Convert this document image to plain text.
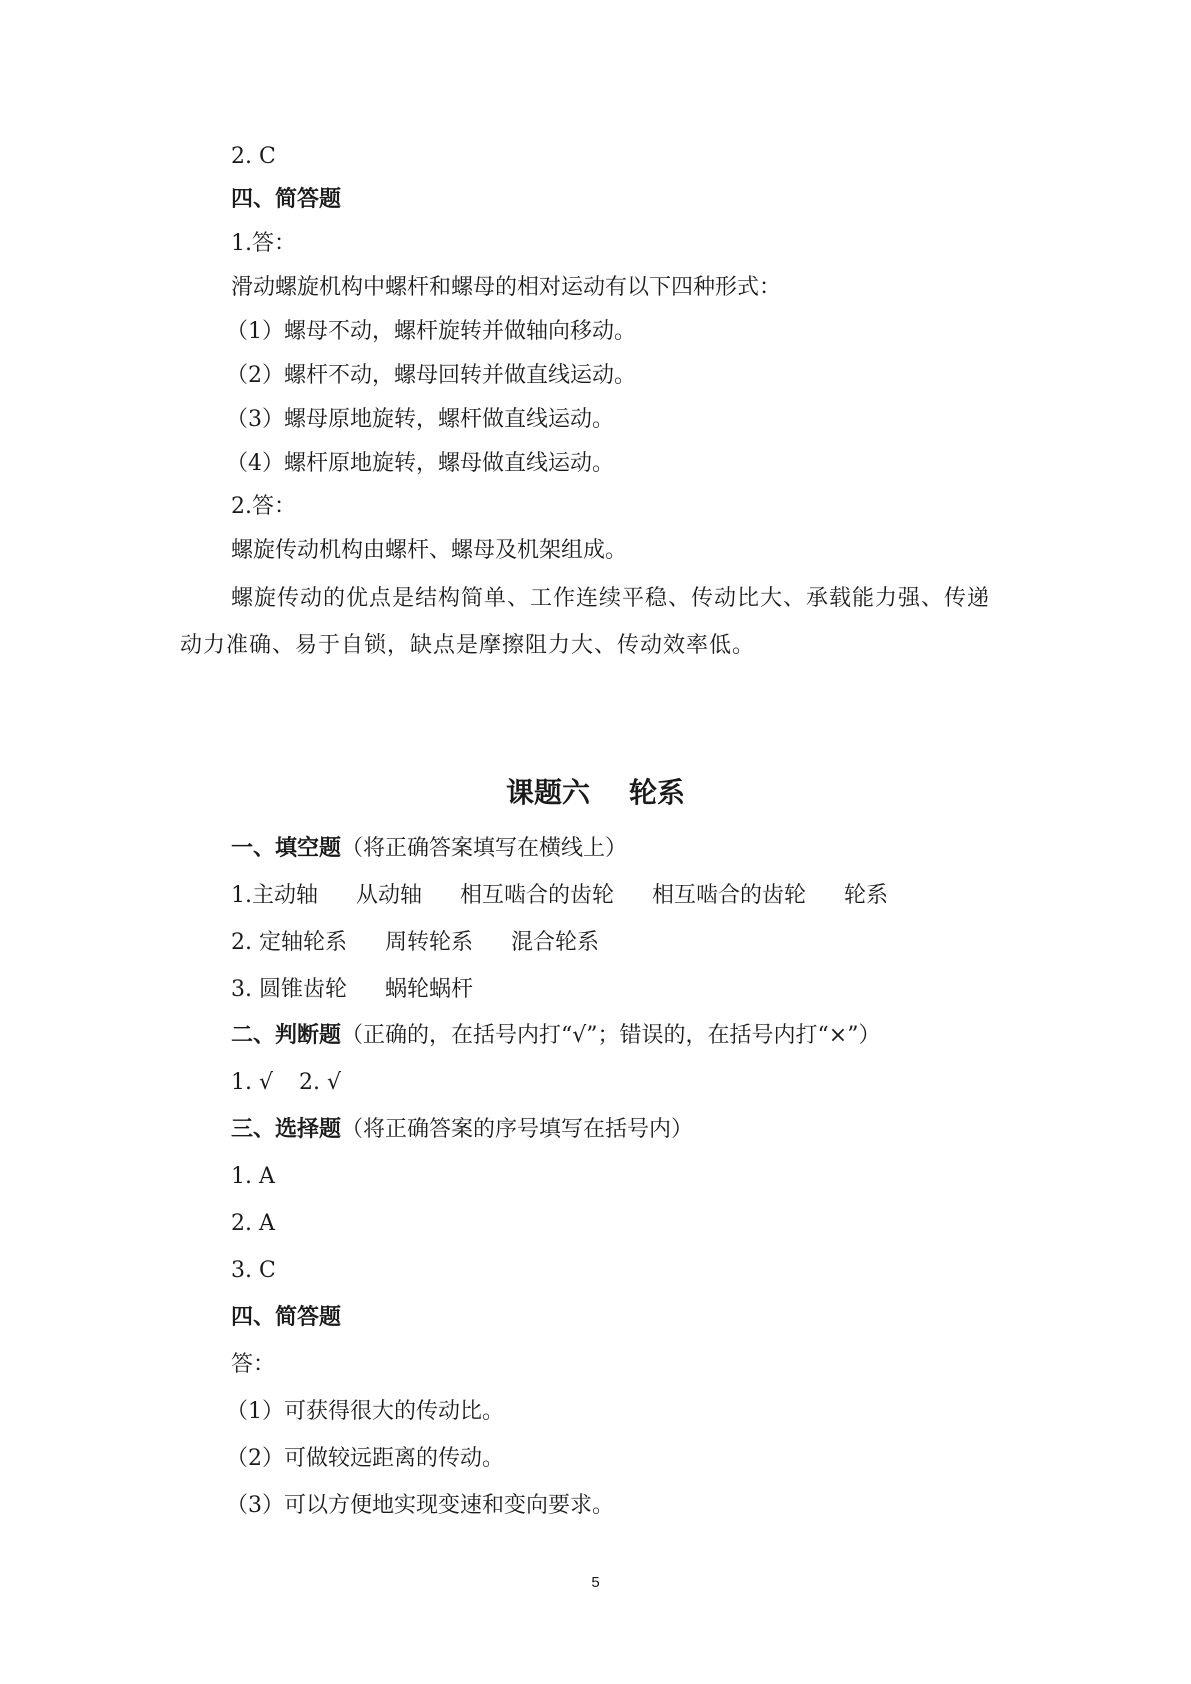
2. C
四、简答题
1.答：
滑动螺旋机构中螺杆和螺母的相对运动有以下四种形式：
（1）螺母不动，螺杆旋转并做轴向移动。
（2）螺杆不动，螺母回转并做直线运动。
（3）螺母原地旋转，螺杆做直线运动。
（4）螺杆原地旋转，螺母做直线运动。
2.答：
螺旋传动机构由螺杆、螺母及机架组成。
螺旋传动的优点是结构简单、工作连续平稳、传动比大、承载能力强、传递动力准确、易于自锁，缺点是摩擦阻力大、传动效率低。
课题六    轮系
一、填空题（将正确答案填写在横线上）
1.主动轴 从动轴 相互啮合的齿轮 相互啮合的齿轮 轮系
2. 定轴轮系 周转轮系 混合轮系
3. 圆锥齿轮 蜗轮蜗杆
二、判断题（正确的，在括号内打“√”；错误的，在括号内打“×”）
1. √ 2. √
三、选择题（将正确答案的序号填写在括号内）
1. A
2. A
3. C
四、简答题
答：
（1）可获得很大的传动比。
（2）可做较远距离的传动。
（3）可以方便地实现变速和变向要求。
5
